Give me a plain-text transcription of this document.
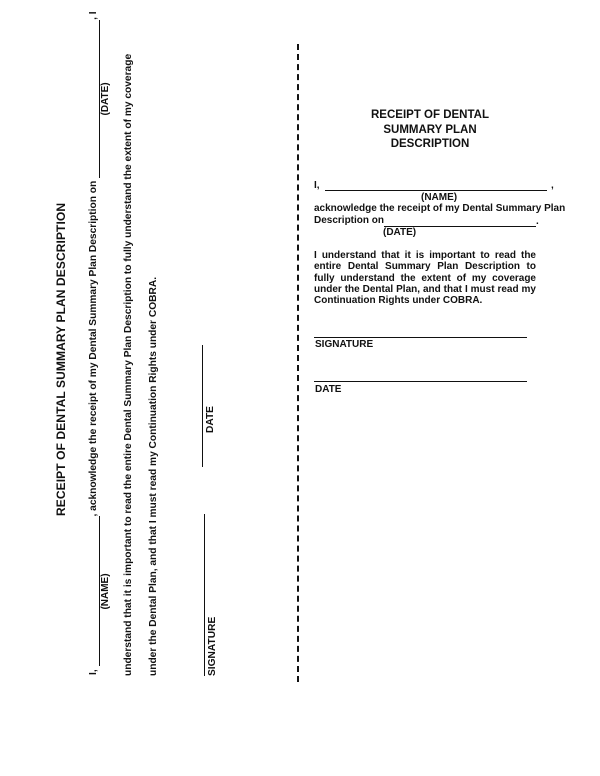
RECEIPT OF DENTAL SUMMARY PLAN DESCRIPTION
I,
(NAME)
, acknowledge the receipt of my Dental Summary Plan Description on
(DATE)
, I
understand that it is important to read the entire Dental Summary Plan Description to fully understand the extent of my coverage under the Dental Plan, and that I must read my Continuation Rights under COBRA.	SIGNATURE
DATE
RECEIPT OF DENTAL
SUMMARY PLAN
DESCRIPTION
I,	,
(NAME)
acknowledge the receipt of my Dental Summary Plan
Description on	.
(DATE)
I understand that it is important to read the entire Dental Summary Plan Description to fully understand the extent of my coverage under the Dental Plan, and that I must read my Continuation Rights under COBRA.
SIGNATURE
DATE
